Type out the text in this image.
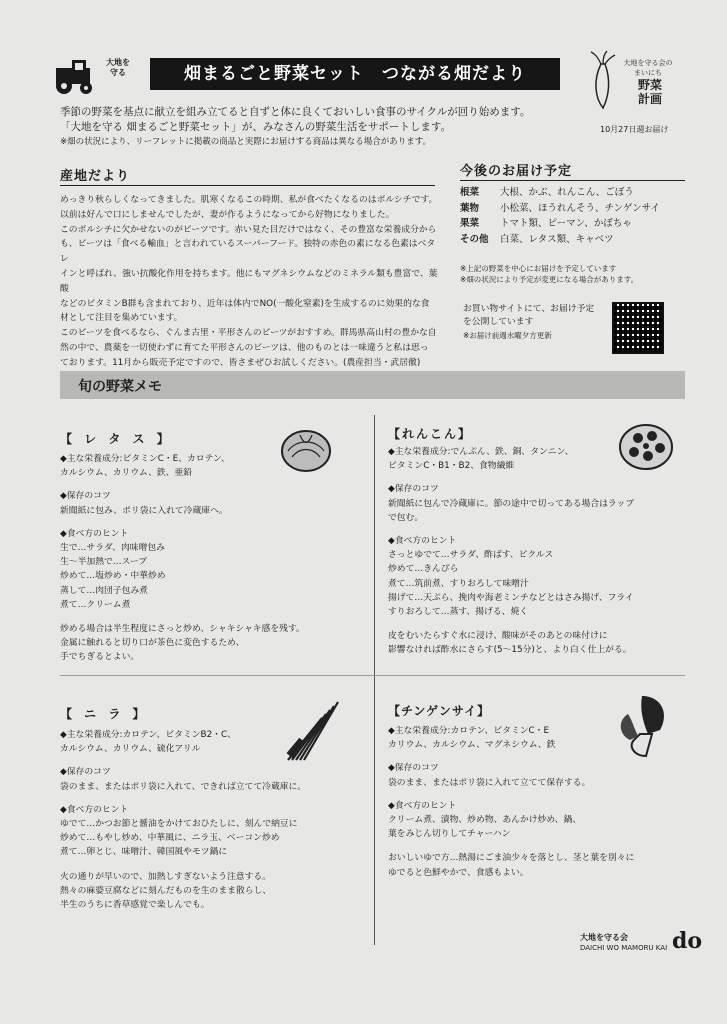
大地を
守る	畑まるごと野菜セット　つながる畑だより
大地を守る会の
まいにち
野菜
計画
季節の野菜を基点に献立を組み立てると自ずと体に良くておいしい食事のサイクルが回り始めます。
「大地を守る 畑まるごと野菜セット」が、みなさんの野菜生活をサポートします。
※畑の状況により、リーフレットに掲載の商品と実際にお届けする商品は異なる場合があります。
10月27日週お届け
産地だより
めっきり秋らしくなってきました。肌寒くなるこの時期、私が食べたくなるのはボルシチです。
以前は好んで口にしませんでしたが、妻が作るようになってから好物になりました。
このボルシチに欠かせないのがビーツです。赤い見た目だけではなく、その豊富な栄養成分から
も、ビーツは「食べる輸血」と言われているスーパーフード。独特の赤色の素になる色素はベタレ
インと呼ばれ、強い抗酸化作用を持ちます。他にもマグネシウムなどのミネラル類も豊富で、葉酸
などのビタミンB群も含まれており、近年は体内でNO(一酸化窒素)を生成するのに効果的な食
材として注目を集めています。
このビーツを食べるなら、ぐんま古里・平形さんのビーツがおすすめ。群馬県高山村の豊かな自
然の中で、農薬を一切使わずに育てた平形さんのビーツは、他のものとは一味違うと私は思っ
ております。11月から販売予定ですので、皆さまぜひお試しください。(農産担当・武居徹)
今後のお届け予定
根菜 大根、かぶ、れんこん、ごぼう
葉物 小松菜、ほうれんそう、チンゲンサイ
果菜 トマト類、ピーマン、かぼちゃ
その他 白菜、レタス類、キャベツ
※上記の野菜を中心にお届けを予定しています
※畑の状況により予定が変更になる場合があります。
お買い物サイトにて、お届け予定
を公開しています
※お届け前週水曜夕方更新
旬の野菜メモ
【 レ タ ス 】
◆主な栄養成分:ビタミンC・E、カロテン、
カルシウム、カリウム、鉄、亜鉛
◆保存のコツ
新聞紙に包み、ポリ袋に入れて冷蔵庫へ。
◆食べ方のヒント
生で…サラダ、肉味噌包み
生～半加熱で…スープ
炒めて…塩炒め・中華炒め
蒸して…肉団子包み煮
煮て…クリーム煮
炒める場合は半生程度にさっと炒め、シャキシャキ感を残す。
金属に触れると切り口が茶色に変色するため、
手でちぎるとよい。
【れんこん】
◆主な栄養成分:でんぷん、鉄、銅、タンニン、
ビタミンC・B1・B2、食物繊維
◆保存のコツ
新聞紙に包んで冷蔵庫に。節の途中で切ってある場合はラップ
で包む。
◆食べ方のヒント
さっとゆでて…サラダ、酢ばす、ピクルス
炒めて…きんぴら
煮て…筑前煮、すりおろして味噌汁
揚げて…天ぷら、挽肉や海老ミンチなどとはさみ揚げ、フライ
すりおろして…蒸す、揚げる、焼く
皮をむいたらすぐ水に浸け、酸味がそのあとの味付けに
影響なければ酢水にさらす(5～15分)と、より白く仕上がる。
【 ニ ラ 】
◆主な栄養成分:カロテン、ビタミンB2・C、
カルシウム、カリウム、硫化アリル
◆保存のコツ
袋のまま、またはポリ袋に入れて、できれば立てて冷蔵庫に。
◆食べ方のヒント
ゆでて…かつお節と醤油をかけておひたしに、刻んで納豆に
炒めて…もやし炒め、中華風に、ニラ玉、ベーコン炒め
煮て…卵とじ、味噌汁、韓国風やモツ鍋に
火の通りが早いので、加熱しすぎないよう注意する。
熱々の麻婆豆腐などに刻んだものを生のまま散らし、
半生のうちに香草感覚で楽しんでも。
【チンゲンサイ】
◆主な栄養成分:カロテン、ビタミンC・E
カリウム、カルシウム、マグネシウム、鉄
◆保存のコツ
袋のまま、またはポリ袋に入れて立てて保存する。
◆食べ方のヒント
クリーム煮、漬物、炒め物、あんかけ炒め、鍋、
葉をみじん切りしてチャーハン
おいしいゆで方…熱湯にごま油少々を落とし、茎と葉を別々に
ゆでると色鮮やかで、食感もよい。
大地を守る会
DAICHI WO MAMORU KAI do
